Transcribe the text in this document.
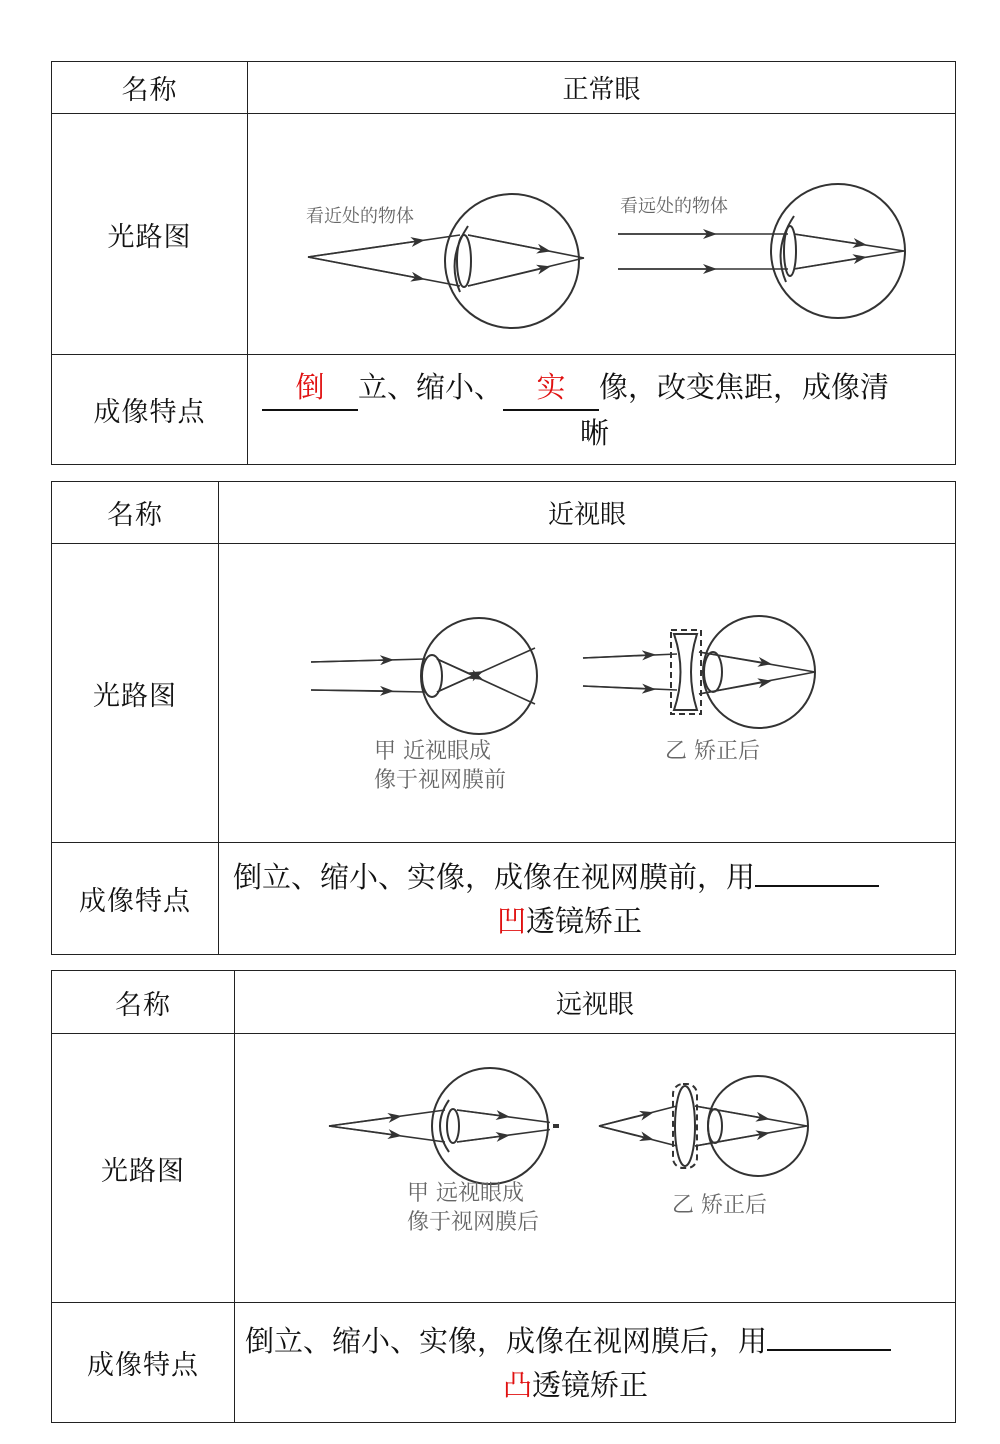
名称	正常眼
光路图	看近处的物体 看远处的物体

成像特点	倒 立、缩小、 实 像，改变焦距，成像清

晰
名称	近视眼
光路图	甲 近视眼成
像于视网膜前
乙 矫正后

成像特点	倒立、缩小、实像，成像在视网膜前，用

凹透镜矫正
名称	远视眼
光路图	甲 远视眼成
像于视网膜后
乙 矫正后

成像特点	倒立、缩小、实像，成像在视网膜后，用

凸透镜矫正
